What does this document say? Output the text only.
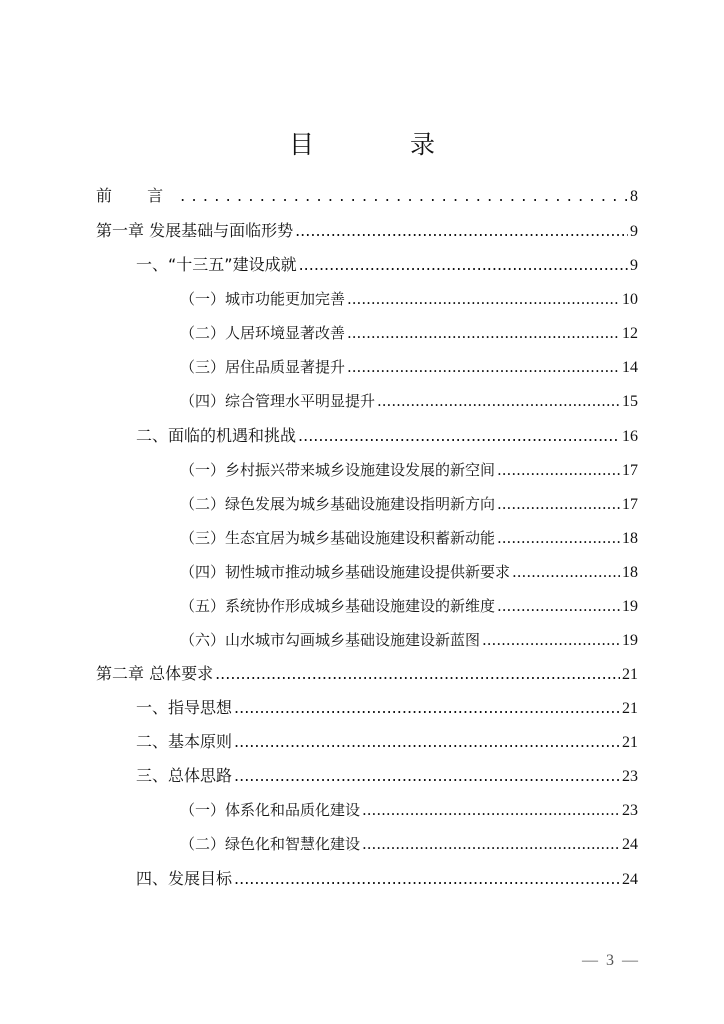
目 录
前 言 . . .	8
第一章 发展基础与面临形势 .....	9
一、“十三五”建设成就 .....	9
（一）城市功能更加完善 .....	10
（二）人居环境显著改善 .....	12
（三）居住品质显著提升 .....	14
（四）综合管理水平明显提升 .....	15
二、面临的机遇和挑战 .....	16
（一）乡村振兴带来城乡设施建设发展的新空间 .....	17
（二）绿色发展为城乡基础设施建设指明新方向 .....	17
（三）生态宜居为城乡基础设施建设积蓄新动能 .....	18
（四）韧性城市推动城乡基础设施建设提供新要求 .....	18
（五）系统协作形成城乡基础设施建设的新维度 .....	19
（六）山水城市勾画城乡基础设施建设新蓝图 .....	19
第二章 总体要求 .....	21
一、指导思想 .....	21
二、基本原则 .....	21
三、总体思路 .....	23
（一）体系化和品质化建设 .....	23
（二）绿色化和智慧化建设 .....	24
四、发展目标 .....	24
— 3 —
